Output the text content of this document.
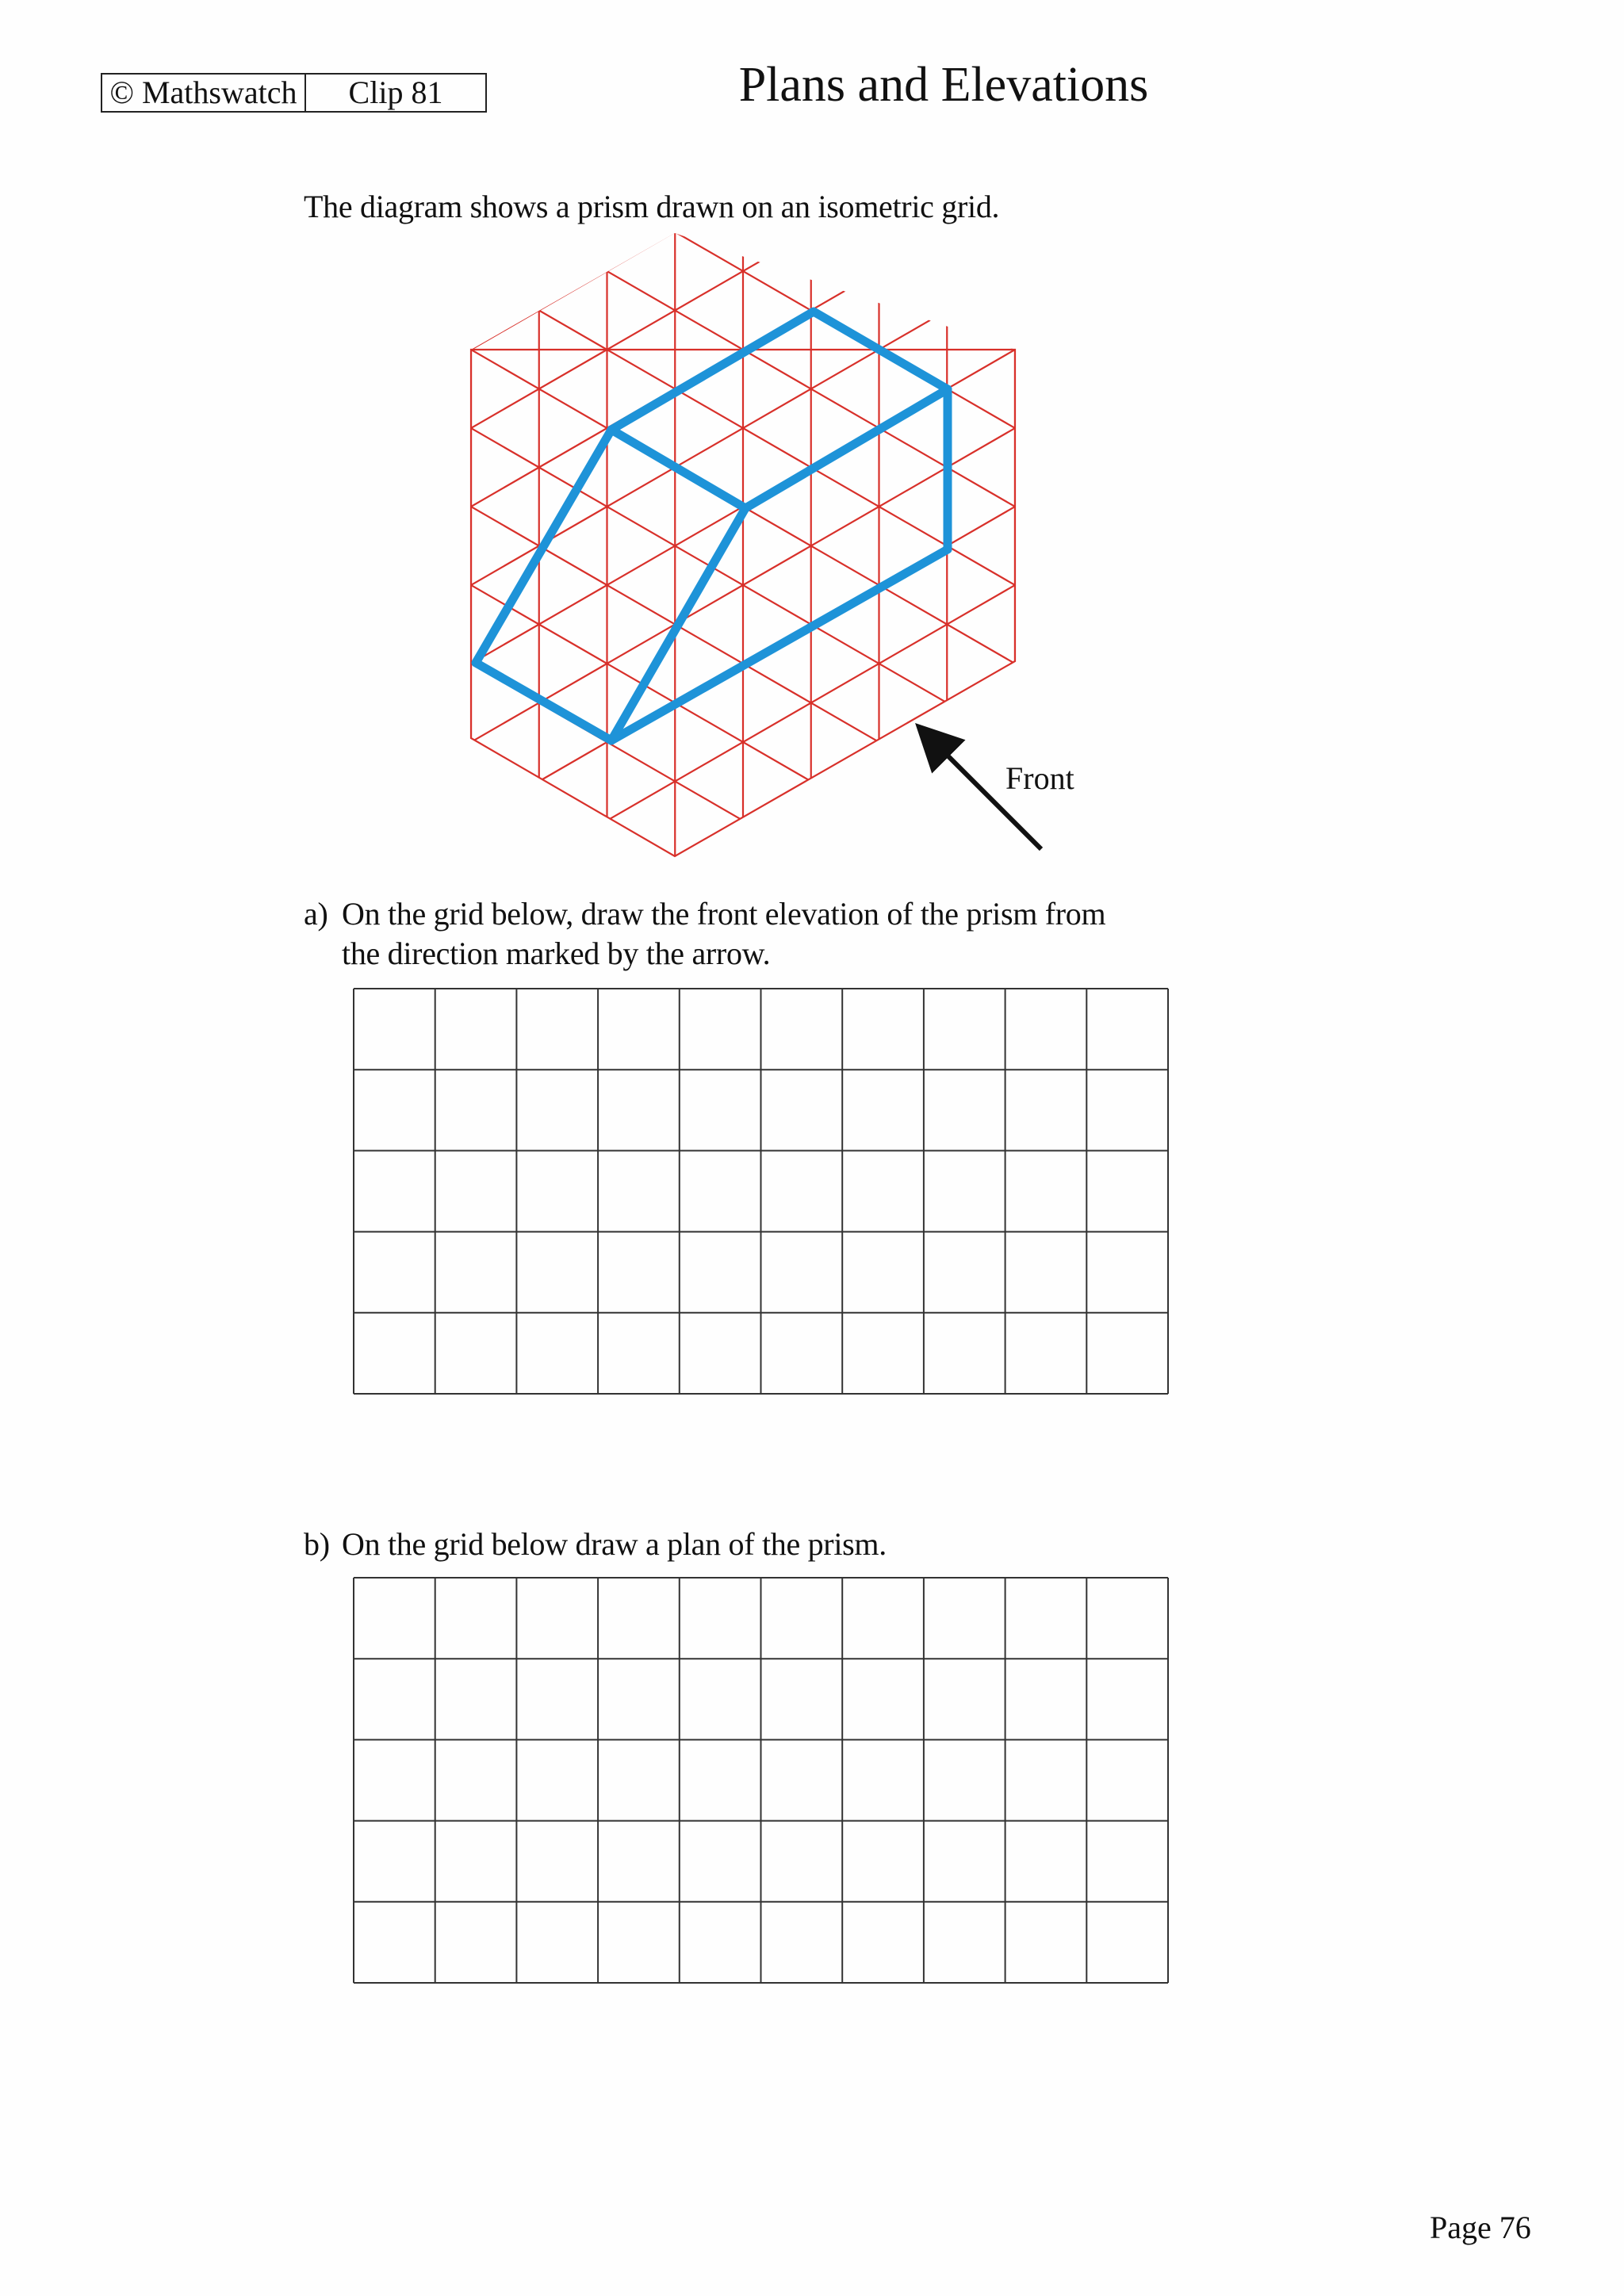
© Mathswatch	Clip 81	Plans and Elevations
The diagram shows a prism drawn on an isometric grid.
Front
a) On the grid below, draw the front elevation of the prism from
the direction marked by the arrow.
b) On the grid below draw a plan of the prism.
Page 76
